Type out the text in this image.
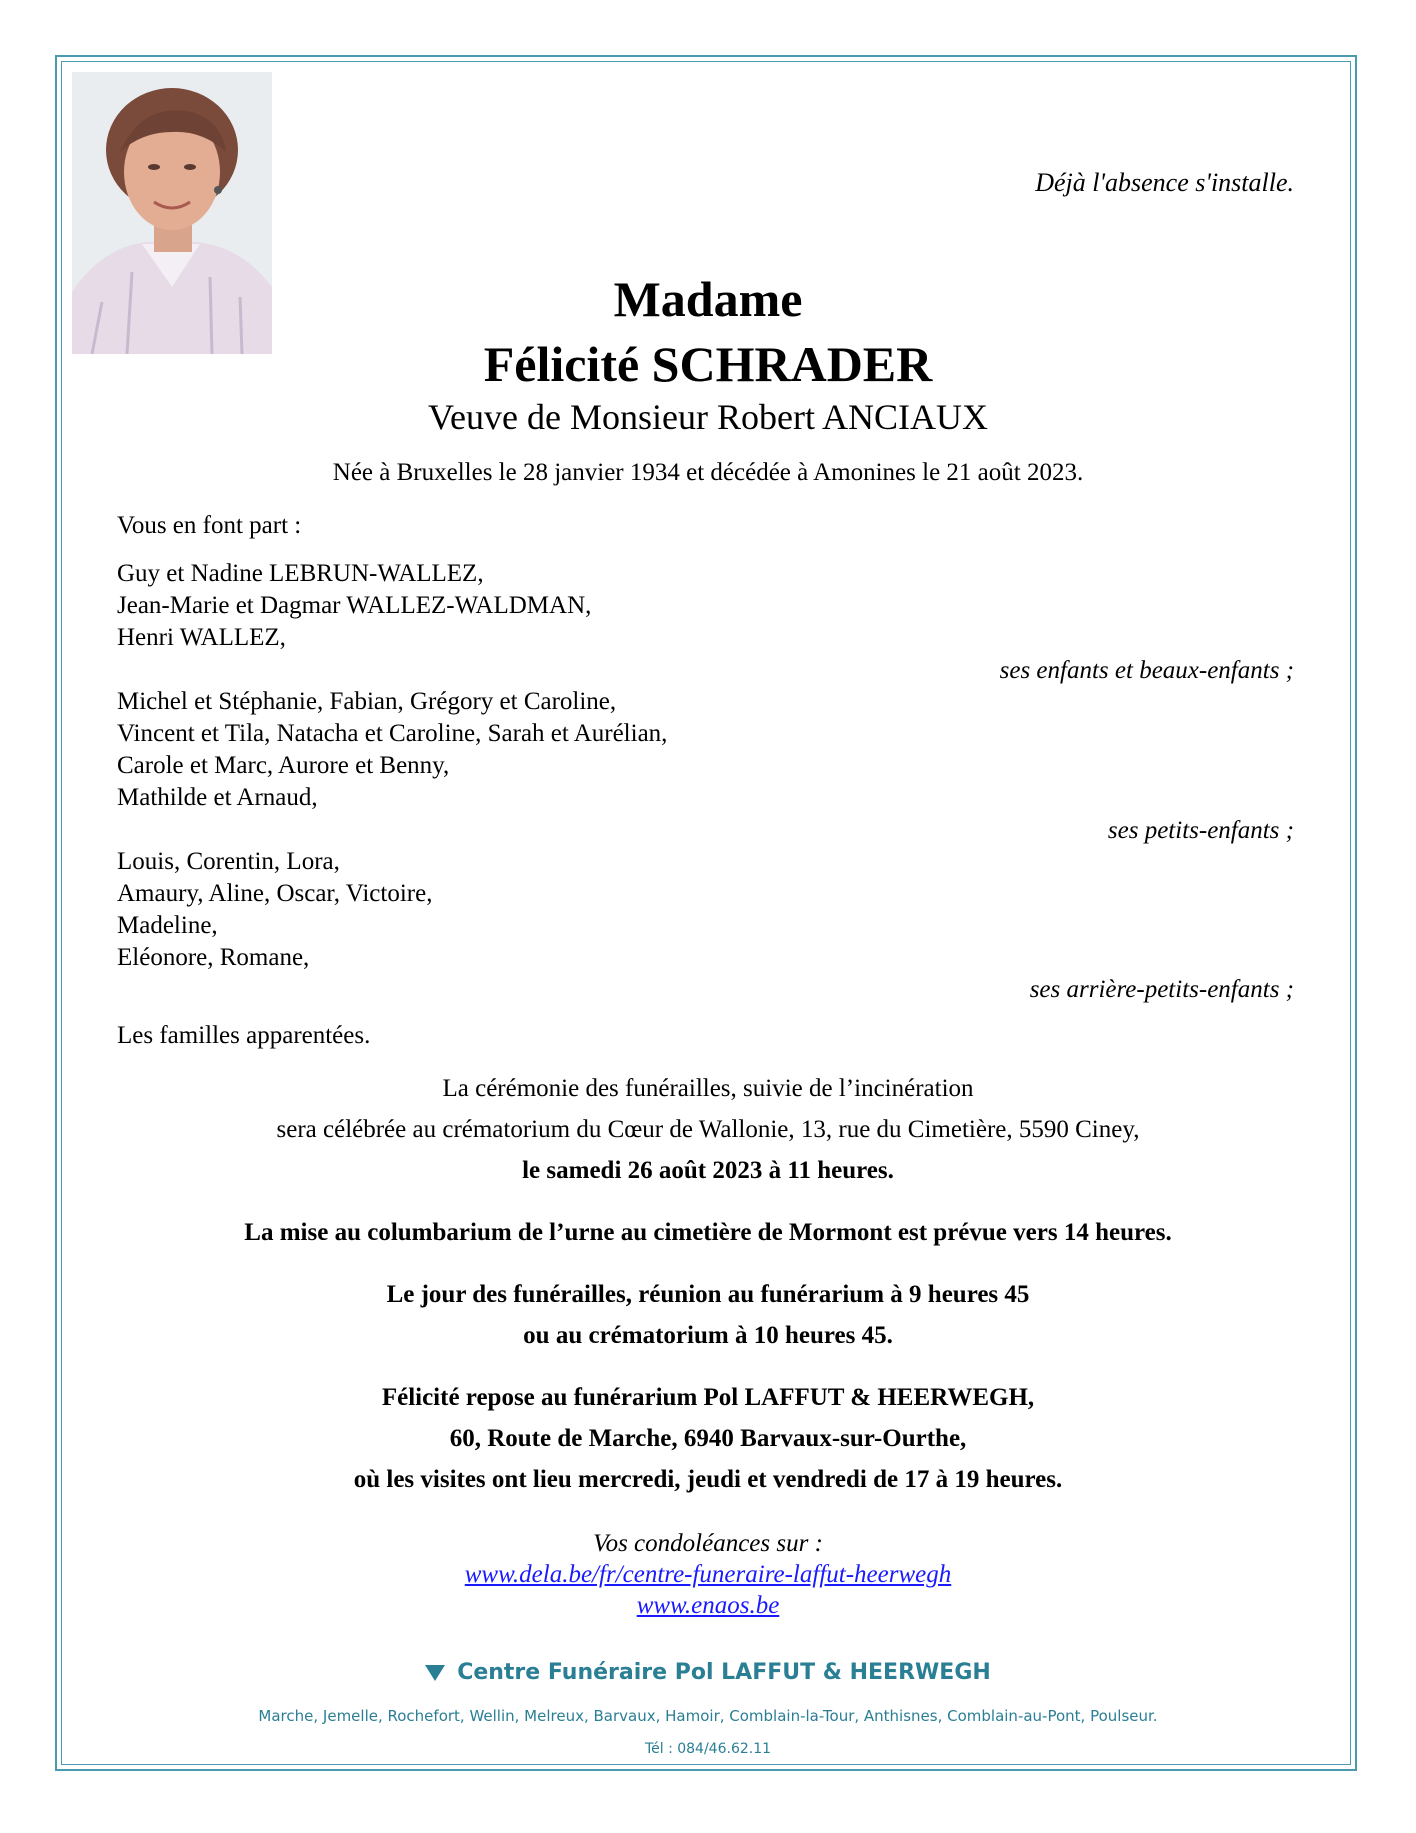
Déjà l'absence s'installe.
Madame
Félicité SCHRADER
Veuve de Monsieur Robert ANCIAUX
Née à Bruxelles le 28 janvier 1934 et décédée à Amonines le 21 août 2023.
Vous en font part :
Guy et Nadine LEBRUN-WALLEZ,
Jean-Marie et Dagmar WALLEZ-WALDMAN,
Henri WALLEZ,
ses enfants et beaux-enfants ;
Michel et Stéphanie, Fabian, Grégory et Caroline,
Vincent et Tila, Natacha et Caroline, Sarah et Aurélian,
Carole et Marc, Aurore et Benny,
Mathilde et Arnaud,
ses petits-enfants ;
Louis, Corentin, Lora,
Amaury, Aline, Oscar, Victoire,
Madeline,
Eléonore, Romane,
ses arrière-petits-enfants ;
Les familles apparentées.
La cérémonie des funérailles, suivie de l’incinération
sera célébrée au crématorium du Cœur de Wallonie, 13, rue du Cimetière, 5590 Ciney,
le samedi 26 août 2023 à 11 heures.
La mise au columbarium de l’urne au cimetière de Mormont est prévue vers 14 heures.
Le jour des funérailles, réunion au funérarium à 9 heures 45
ou au crématorium à 10 heures 45.
Félicité repose au funérarium Pol LAFFUT & HEERWEGH,
60, Route de Marche, 6940 Barvaux-sur-Ourthe,
où les visites ont lieu mercredi, jeudi et vendredi de 17 à 19 heures.
Vos condoléances sur :
www.dela.be/fr/centre-funeraire-laffut-heerwegh
www.enaos.be
Centre Funéraire Pol LAFFUT & HEERWEGH
Marche, Jemelle, Rochefort, Wellin, Melreux, Barvaux, Hamoir, Comblain-la-Tour, Anthisnes, Comblain-au-Pont, Poulseur.
Tél : 084/46.62.11
